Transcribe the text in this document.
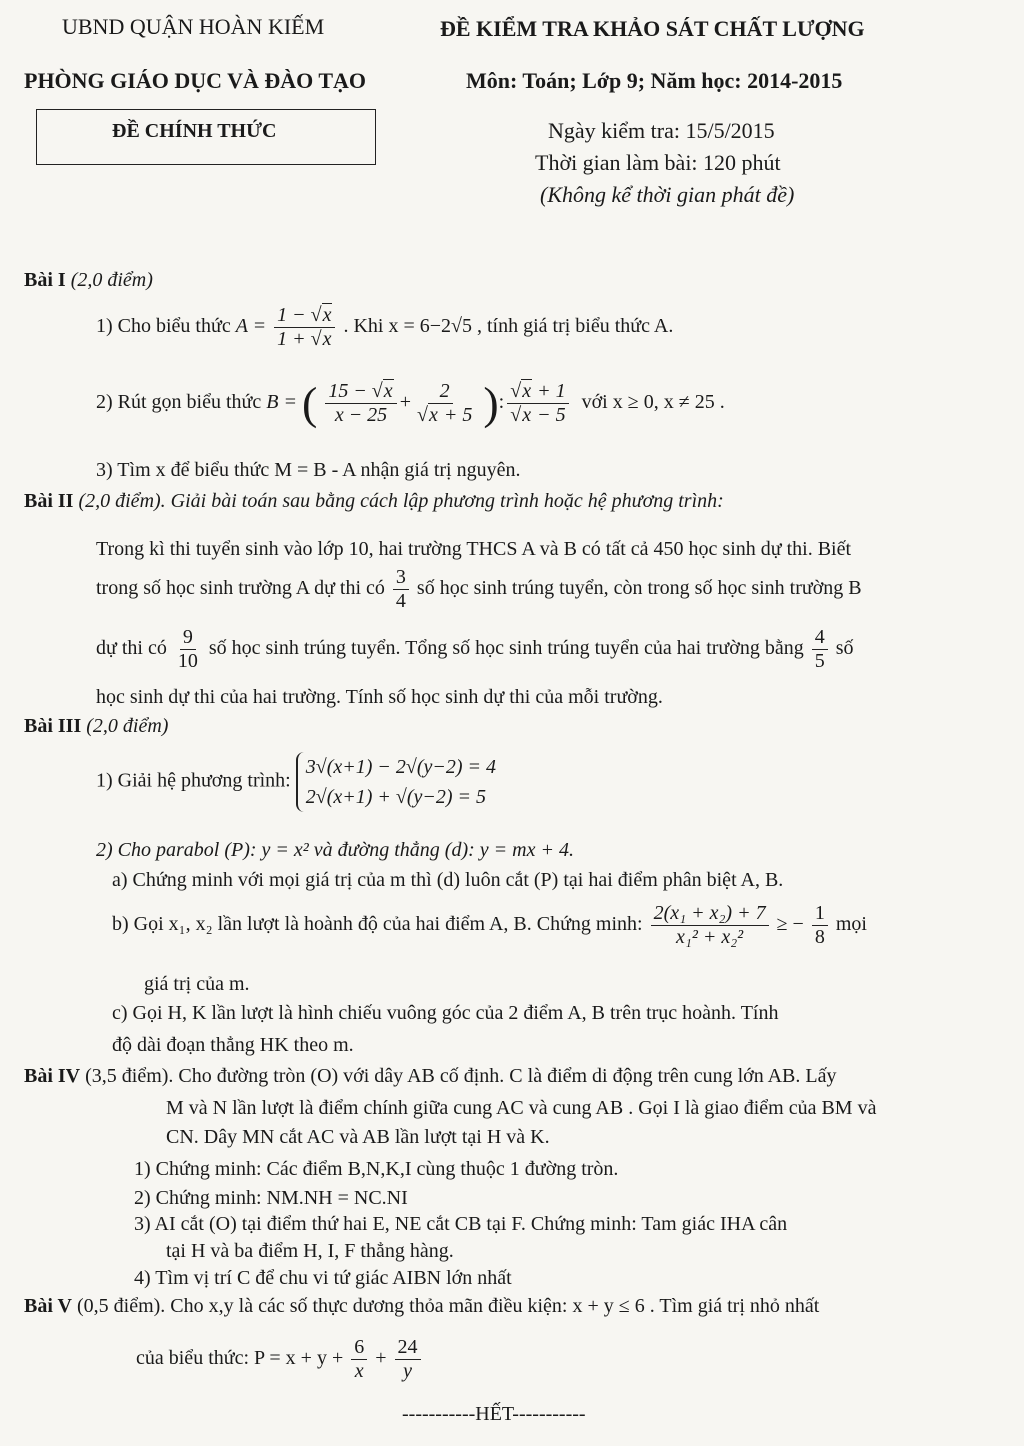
UBND QUẬN HOÀN KIẾM
PHÒNG GIÁO DỤC VÀ ĐÀO TẠO
ĐỀ CHÍNH THỨC
ĐỀ KIỂM TRA KHẢO SÁT CHẤT LƯỢNG
Môn: Toán; Lớp 9; Năm học: 2014-2015
Ngày kiểm tra: 15/5/2015
Thời gian làm bài: 120 phút
(Không kể thời gian phát đề)
Bài I (2,0 điểm)
1) Cho biểu thức $A = \frac{1 - √x}{1 + √x}$ . Khi x = 6−2√5 , tính giá trị biểu thức A.
2) Rút gọn biểu thức B = ( $\frac{15 - √x}{x - 25} + \frac{2}{√x + 5}$ ): $\frac{√x + 1}{√x - 5}$ với x ≥ 0, x ≠ 25 .
3) Tìm x để biểu thức M = B - A nhận giá trị nguyên.
Bài II (2,0 điểm). Giải bài toán sau bằng cách lập phương trình hoặc hệ phương trình:
Trong kì thi tuyển sinh vào lớp 10, hai trường THCS A và B có tất cả 450 học sinh dự thi. Biết
trong số học sinh trường A dự thi có $\frac{3}{4}$ số học sinh trúng tuyển, còn trong số học sinh trường B
dự thi có $\frac{9}{10}$ số học sinh trúng tuyển. Tổng số học sinh trúng tuyển của hai trường bằng $\frac{4}{5}$ số
học sinh dự thi của hai trường. Tính số học sinh dự thi của mỗi trường.
Bài III (2,0 điểm)
1) Giải hệ phương trình: 3√(x+1) − 2√(y−2) = 4
2√(x+1) + √(y−2) = 5
2) Cho parabol (P): y = x² và đường thẳng (d): y = mx + 4.
a) Chứng minh với mọi giá trị của m thì (d) luôn cắt (P) tại hai điểm phân biệt A, B.
b) Gọi x₁, x₂ lần lượt là hoành độ của hai điểm A, B. Chứng minh: $\frac{\text{2(x₁ + x₂) + 7}}{\text{x₁² + x₂²}}$ ≥ − $\frac{1}{8}$ mọi
giá trị của m.
c) Gọi H, K lần lượt là hình chiếu vuông góc của 2 điểm A, B trên trục hoành. Tính
độ dài đoạn thẳng HK theo m.
Bài IV (3,5 điểm). Cho đường tròn (O) với dây AB cố định. C là điểm di động trên cung lớn AB. Lấy
M và N lần lượt là điểm chính giữa cung AC và cung AB . Gọi I là giao điểm của BM và
CN. Dây MN cắt AC và AB lần lượt tại H và K.
1) Chứng minh: Các điểm B,N,K,I cùng thuộc 1 đường tròn.
2) Chứng minh: NM.NH = NC.NI
3) AI cắt (O) tại điểm thứ hai E, NE cắt CB tại F. Chứng minh: Tam giác IHA cân
tại H và ba điểm H, I, F thẳng hàng.
4) Tìm vị trí C để chu vi tứ giác AIBN lớn nhất
Bài V (0,5 điểm). Cho x,y là các số thực dương thỏa mãn điều kiện: x + y ≤ 6 . Tìm giá trị nhỏ nhất
của biểu thức: $P = x + y + \frac{6}{x} + \frac{24}{y}$
-----------HẾT-----------
